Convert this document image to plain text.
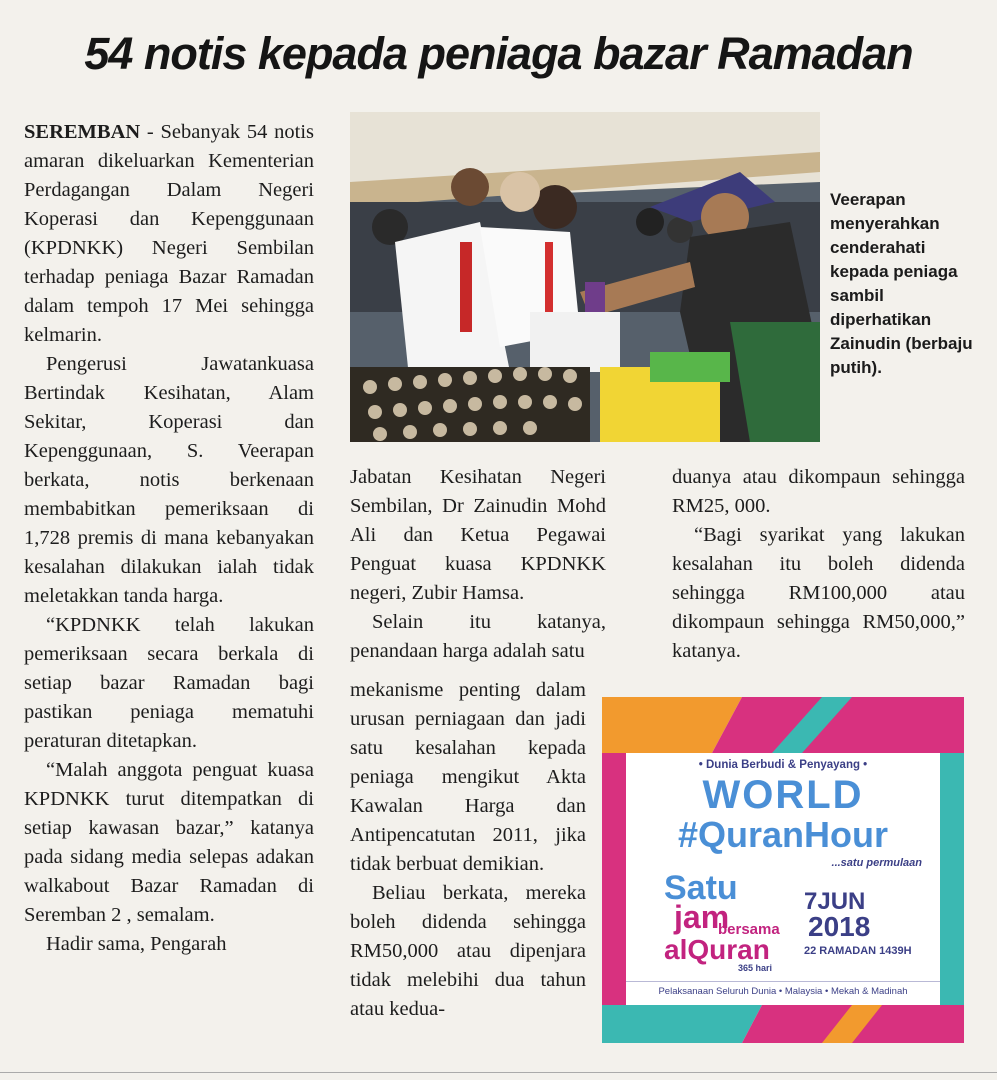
54 notis kepada peniaga bazar Ramadan

SEREMBAN - Sebanyak 54 notis amaran dikeluarkan Kementerian Perdagangan Dalam Negeri Koperasi dan Kepenggunaan (KPDNKK) Negeri Sembilan terhadap peniaga Bazar Ramadan dalam tempoh 17 Mei sehingga kelmarin.

Pengerusi Jawatankuasa Bertindak Kesihatan, Alam Sekitar, Koperasi dan Kepenggunaan, S. Veerapan berkata, notis berkenaan membabitkan pemeriksaan di 1,728 premis di mana kebanyakan kesalahan dilakukan ialah tidak meletakkan tanda harga.

“KPDNKK telah lakukan pemeriksaan secara berkala di setiap bazar Ramadan bagi pastikan peniaga mematuhi peraturan ditetapkan.

“Malah anggota penguat kuasa KPDNKK turut ditempatkan di setiap kawasan bazar,” katanya pada sidang media selepas adakan walkabout Bazar Ramadan di Seremban 2 , semalam.

Hadir sama, Pengarah

Veerapan menyerahkan cenderahati kepada peniaga sambil diperhatikan Zainudin (berbaju putih).

Jabatan Kesihatan Negeri Sembilan, Dr Zainudin Mohd Ali dan Ketua Pegawai Penguat kuasa KPDNKK negeri, Zubir Hamsa.

Selain itu katanya, penandaan harga adalah satu

mekanisme penting dalam urusan perniagaan dan jadi satu kesalahan kepada peniaga mengikut Akta Kawalan Harga dan Antipencatutan 2011, jika tidak berbuat demikian.

Beliau berkata, mereka boleh didenda sehingga RM50,000 atau dipenjara tidak melebihi dua tahun atau kedua-

duanya atau dikompaun sehingga RM25, 000.

“Bagi syarikat yang lakukan kesalahan itu boleh didenda sehingga RM100,000 atau dikompaun sehingga RM50,000,” katanya.

• Dunia Berbudi & Penyayang •
WORLD
#QuranHour
...satu permulaan
Satu
jam
bersama
alQuran
365 hari
7JUN
2018
22 RAMADAN 1439H
Pelaksanaan Seluruh Dunia • Malaysia • Mekah & Madinah
